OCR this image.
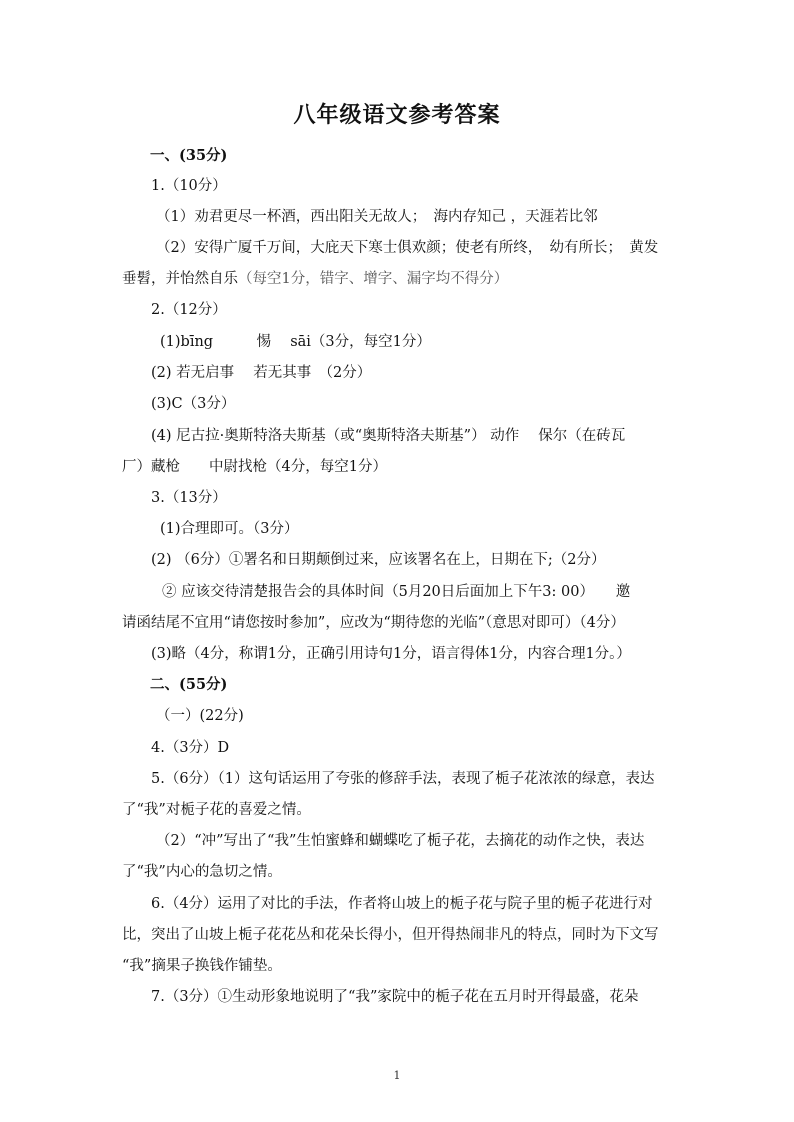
八年级语文参考答案
一、(35分)
1.（10分）
（1）劝君更尽一杯酒，西出阳关无故人；　海内存知己 ，天涯若比邻
（2）安得广厦千万间，大庇天下寒士俱欢颜；使老有所终，　幼有所长；　黄发
垂髫，并怡然自乐（每空1分，错字、增字、漏字均不得分）
2.（12分）
(1)bīng　　　惕　 sāi（3分，每空1分）
(2) 若无启事　 若无其事　（2分）
(3)C（3分）
(4) 尼古拉·奥斯特洛夫斯基（或“奥斯特洛夫斯基”） 动作　 保尔（在砖瓦
厂）藏枪　　中尉找枪（4分，每空1分）
3.（13分）
(1)合理即可。（3分）
(2) （6分）①署名和日期颠倒过来，应该署名在上，日期在下;（2分）
② 应该交待清楚报告会的具体时间（5月20日后面加上下午3: 00）　　邀
请函结尾不宜用“请您按时参加”，应改为“期待您的光临”（意思对即可）（4分）
(3)略（4分，称谓1分，正确引用诗句1分，语言得体1分，内容合理1分。）
二、(55分)
（一）(22分)
4.（3分）D
5.（6分）（1）这句话运用了夸张的修辞手法，表现了栀子花浓浓的绿意，表达
了“我”对栀子花的喜爱之情。
（2）“冲”写出了“我”生怕蜜蜂和蝴蝶吃了栀子花，去摘花的动作之快，表达
了“我”内心的急切之情。
6.（4分）运用了对比的手法，作者将山坡上的栀子花与院子里的栀子花进行对
比，突出了山坡上栀子花花丛和花朵长得小，但开得热闹非凡的特点，同时为下文写
“我”摘果子换钱作铺垫。
7.（3分）①生动形象地说明了“我”家院中的栀子花在五月时开得最盛，花朵
1
